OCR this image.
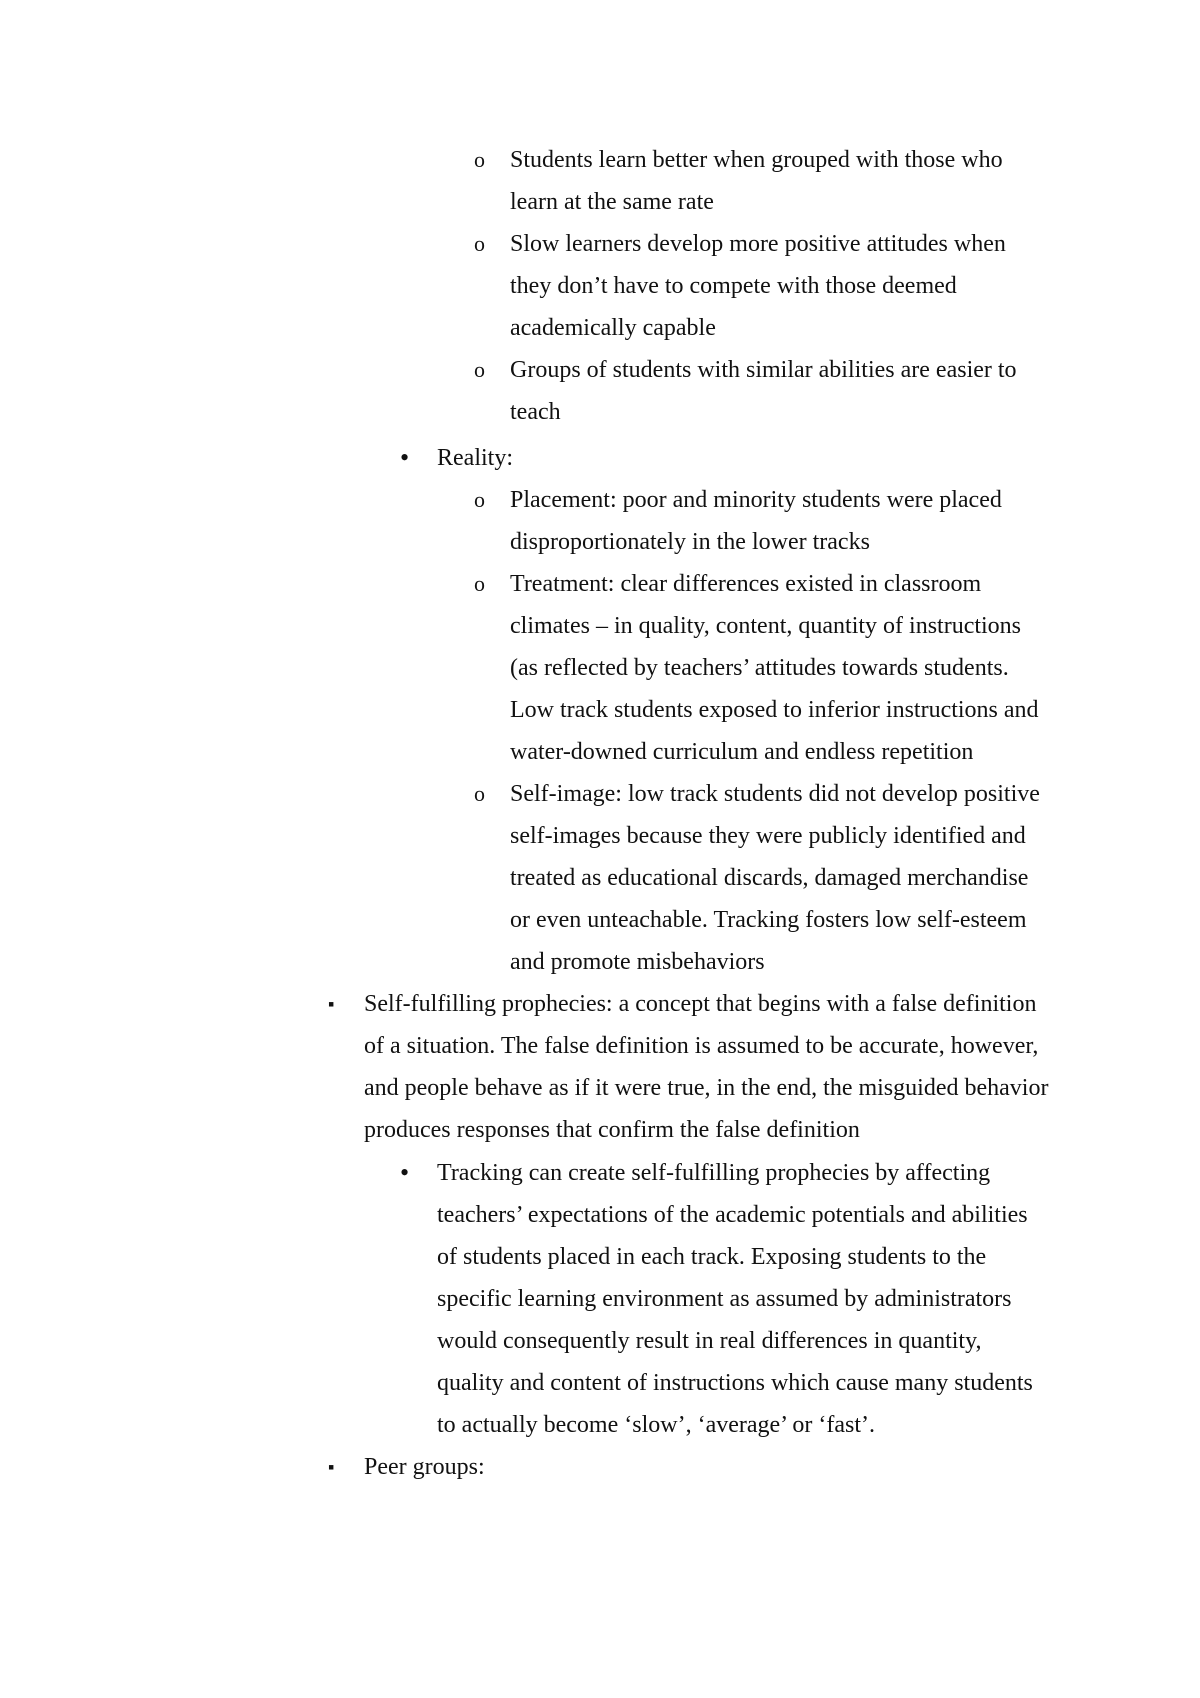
o Students learn better when grouped with those who
learn at the same rate
o Slow learners develop more positive attitudes when
they don’t have to compete with those deemed
academically capable
o Groups of students with similar abilities are easier to
teach
• Reality:
o Placement: poor and minority students were placed
disproportionately in the lower tracks
o Treatment: clear differences existed in classroom
climates – in quality, content, quantity of instructions
(as reflected by teachers’ attitudes towards students.
Low track students exposed to inferior instructions and
water-downed curriculum and endless repetition
o Self-image: low track students did not develop positive
self-images because they were publicly identified and
treated as educational discards, damaged merchandise
or even unteachable. Tracking fosters low self-esteem
and promote misbehaviors
▪ Self-fulfilling prophecies: a concept that begins with a false definition
of a situation. The false definition is assumed to be accurate, however,
and people behave as if it were true, in the end, the misguided behavior
produces responses that confirm the false definition
• Tracking can create self-fulfilling prophecies by affecting
teachers’ expectations of the academic potentials and abilities
of students placed in each track. Exposing students to the
specific learning environment as assumed by administrators
would consequently result in real differences in quantity,
quality and content of instructions which cause many students
to actually become ‘slow’, ‘average’ or ‘fast’.
▪ Peer groups:
